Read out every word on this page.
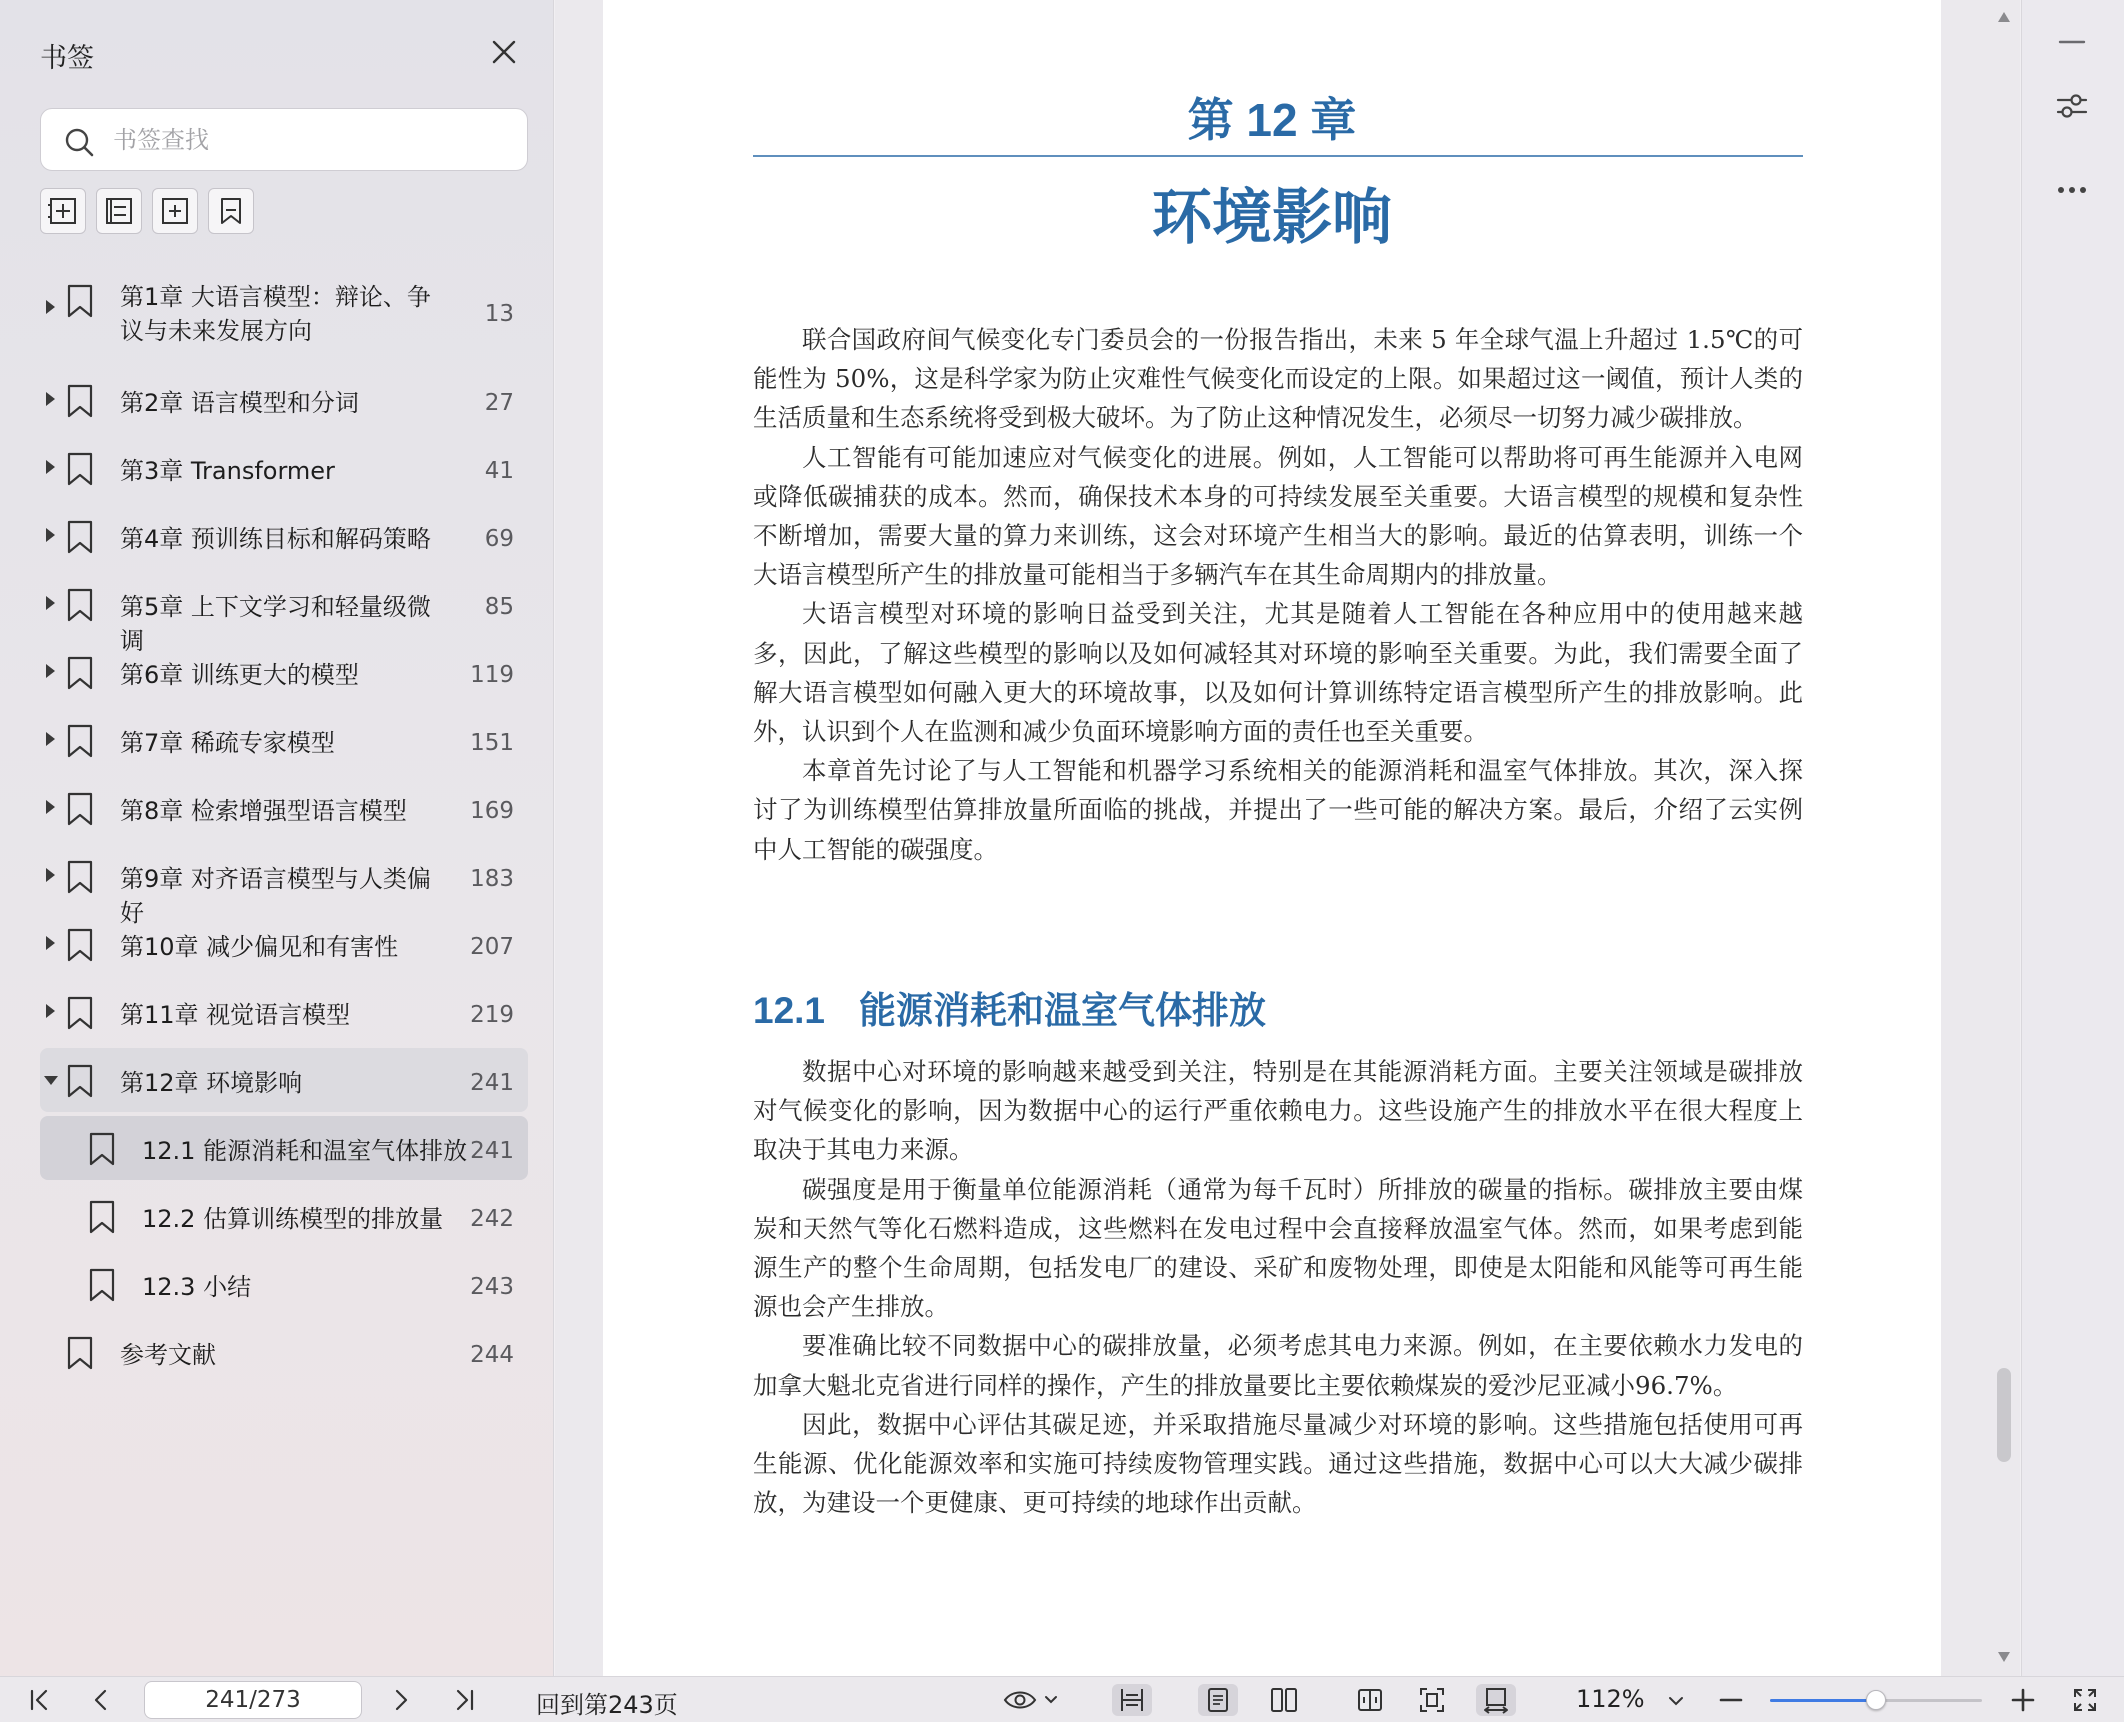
书签
书签查找
第1章 大语言模型：辩论、争议与未来发展方向
13
第2章 语言模型和分词	27
第3章 Transformer	41
第4章 预训练目标和解码策略	69
第5章 上下文学习和轻量级微调
85
第6章 训练更大的模型	119
第7章 稀疏专家模型	151
第8章 检索增强型语言模型	169
第9章 对齐语言模型与人类偏好
183
第10章 减少偏见和有害性	207
第11章 视觉语言模型	219
第12章 环境影响	241
12.1 能源消耗和温室气体排放 241
12.2 估算训练模型的排放量	242
12.3 小结	243
参考文献	244
第 12 章
环境影响

联合国政府间气候变化专门委员会的一份报告指出，未来 5 年全球气温上升超过 1.5℃的可能性为 50%，这是科学家为防止灾难性气候变化而设定的上限。如果超过这一阈值，预计人类的生活质量和生态系统将受到极大破坏。为了防止这种情况发生，必须尽一切努力减少碳排放。

人工智能有可能加速应对气候变化的进展。例如，人工智能可以帮助将可再生能源并入电网或降低碳捕获的成本。然而，确保技术本身的可持续发展至关重要。大语言模型的规模和复杂性不断增加，需要大量的算力来训练，这会对环境产生相当大的影响。最近的估算表明，训练一个大语言模型所产生的排放量可能相当于多辆汽车在其生命周期内的排放量。

大语言模型对环境的影响日益受到关注，尤其是随着人工智能在各种应用中的使用越来越多，因此，了解这些模型的影响以及如何减轻其对环境的影响至关重要。为此，我们需要全面了解大语言模型如何融入更大的环境故事，以及如何计算训练特定语言模型所产生的排放影响。此外，认识到个人在监测和减少负面环境影响方面的责任也至关重要。

本章首先讨论了与人工智能和机器学习系统相关的能源消耗和温室气体排放。其次，深入探讨了为训练模型估算排放量所面临的挑战，并提出了一些可能的解决方案。最后，介绍了云实例中人工智能的碳强度。

12.1 能源消耗和温室气体排放

数据中心对环境的影响越来越受到关注，特别是在其能源消耗方面。主要关注领域是碳排放对气候变化的影响，因为数据中心的运行严重依赖电力。这些设施产生的排放水平在很大程度上取决于其电力来源。

碳强度是用于衡量单位能源消耗（通常为每千瓦时）所排放的碳量的指标。碳排放主要由煤炭和天然气等化石燃料造成，这些燃料在发电过程中会直接释放温室气体。然而，如果考虑到能源生产的整个生命周期，包括发电厂的建设、采矿和废物处理，即使是太阳能和风能等可再生能源也会产生排放。

要准确比较不同数据中心的碳排放量，必须考虑其电力来源。例如，在主要依赖水力发电的加拿大魁北克省进行同样的操作，产生的排放量要比主要依赖煤炭的爱沙尼亚减小96.7%。

因此，数据中心评估其碳足迹，并采取措施尽量减少对环境的影响。这些措施包括使用可再生能源、优化能源效率和实施可持续废物管理实践。通过这些措施，数据中心可以大大减少碳排放，为建设一个更健康、更可持续的地球作出贡献。

241/273
回到第243页	112%
